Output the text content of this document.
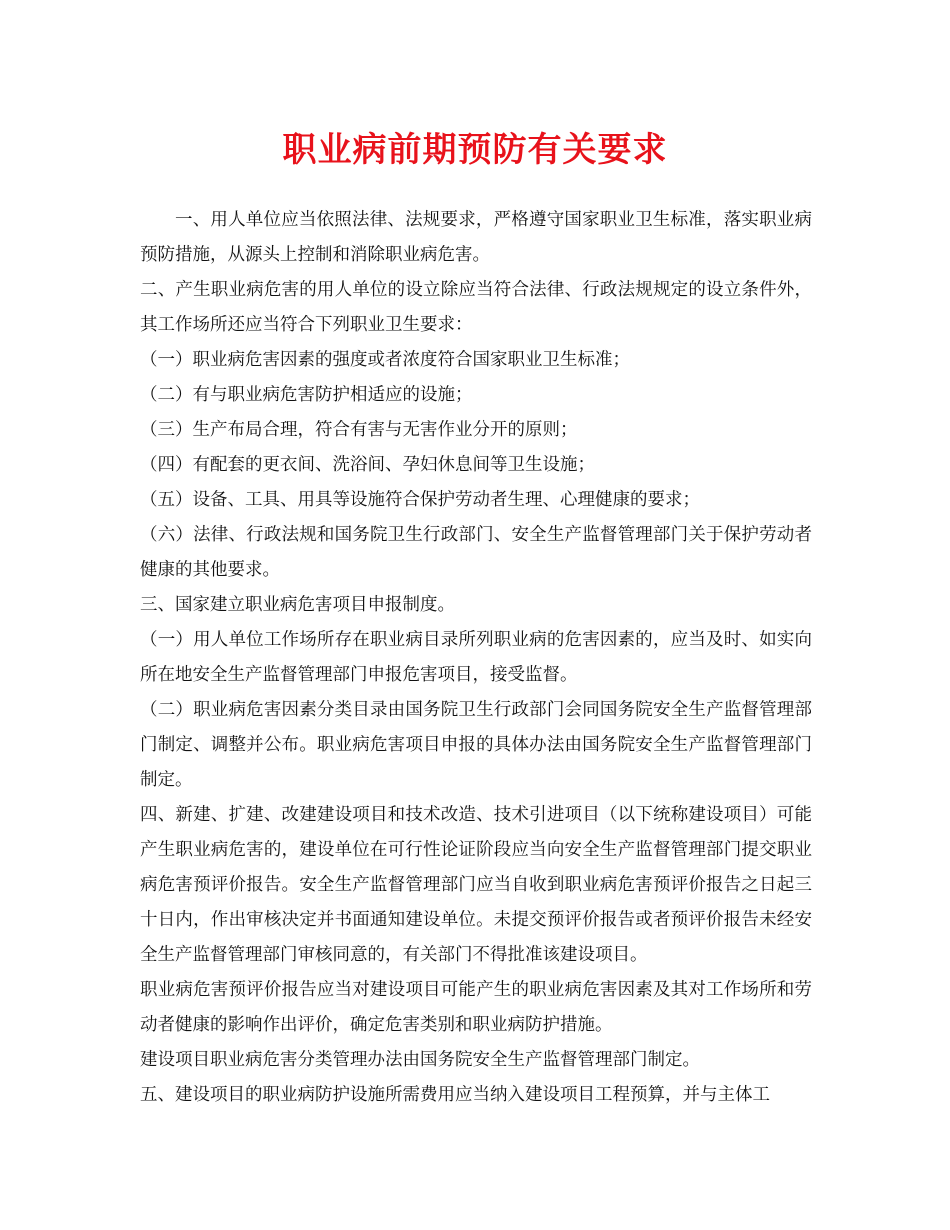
职业病前期预防有关要求

一、用人单位应当依照法律、法规要求，严格遵守国家职业卫生标准，落实职业病预防措施，从源头上控制和消除职业病危害。

二、产生职业病危害的用人单位的设立除应当符合法律、行政法规规定的设立条件外，其工作场所还应当符合下列职业卫生要求：

（一）职业病危害因素的强度或者浓度符合国家职业卫生标准；

（二）有与职业病危害防护相适应的设施；

（三）生产布局合理，符合有害与无害作业分开的原则；

（四）有配套的更衣间、洗浴间、孕妇休息间等卫生设施；

（五）设备、工具、用具等设施符合保护劳动者生理、心理健康的要求；

（六）法律、行政法规和国务院卫生行政部门、安全生产监督管理部门关于保护劳动者健康的其他要求。

三、国家建立职业病危害项目申报制度。

（一）用人单位工作场所存在职业病目录所列职业病的危害因素的，应当及时、如实向所在地安全生产监督管理部门申报危害项目，接受监督。

（二）职业病危害因素分类目录由国务院卫生行政部门会同国务院安全生产监督管理部门制定、调整并公布。职业病危害项目申报的具体办法由国务院安全生产监督管理部门制定。

四、新建、扩建、改建建设项目和技术改造、技术引进项目（以下统称建设项目）可能产生职业病危害的，建设单位在可行性论证阶段应当向安全生产监督管理部门提交职业病危害预评价报告。安全生产监督管理部门应当自收到职业病危害预评价报告之日起三十日内，作出审核决定并书面通知建设单位。未提交预评价报告或者预评价报告未经安全生产监督管理部门审核同意的，有关部门不得批准该建设项目。

职业病危害预评价报告应当对建设项目可能产生的职业病危害因素及其对工作场所和劳动者健康的影响作出评价，确定危害类别和职业病防护措施。

建设项目职业病危害分类管理办法由国务院安全生产监督管理部门制定。

五、建设项目的职业病防护设施所需费用应当纳入建设项目工程预算，并与主体工
